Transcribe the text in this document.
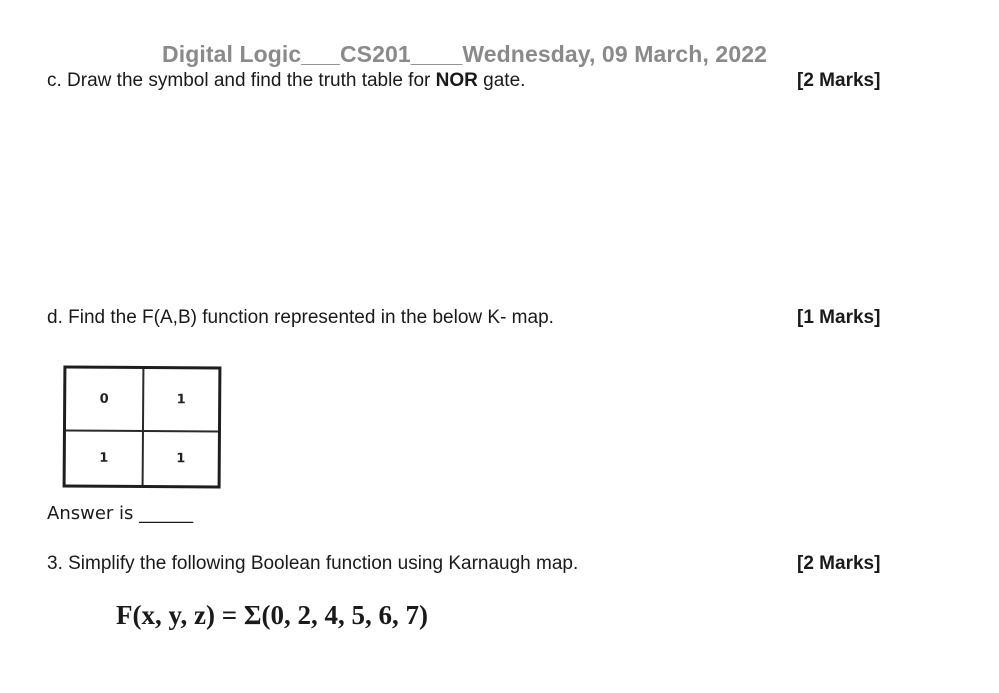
Digital Logic___CS201____Wednesday, 09 March, 2022
c. Draw the symbol and find the truth table for NOR gate.	[2 Marks]
d. Find the F(A,B) function represented in the below K- map.	[1 Marks]
0	1
1	1
Answer is ______
3. Simplify the following Boolean function using Karnaugh map.	[2 Marks]
F(x, y, z) = Σ(0, 2, 4, 5, 6, 7)
